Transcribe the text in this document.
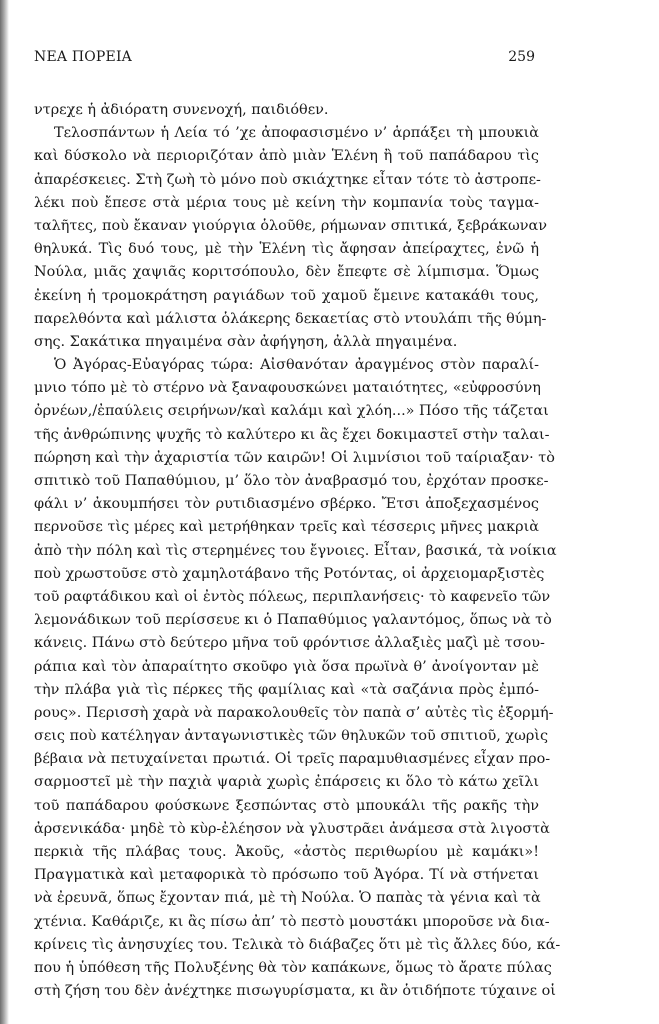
ΝΕΑ ΠΟΡΕΙΑ	259
ντρεχε ἡ ἀδιόρατη συνενοχή, παιδιόθεν.
Τελοσπάντων ἡ Λεία τό ’χε ἀποφασισμένο ν’ ἁρπάξει τὴ μπουκιὰ
καὶ δύσκολο νὰ περιοριζόταν ἀπὸ μιὰν Ἑλένη ἢ τοῦ παπάδαρου τὶς
ἀπαρέσκειες. Στὴ ζωὴ τὸ μόνο ποὺ σκιάχτηκε εἶταν τότε τὸ ἀστροπε-
λέκι ποὺ ἔπεσε στὰ μέρια τους μὲ κείνη τὴν κομπανία τοὺς ταγμα-
ταλῆτες, ποὺ ἔκαναν γιούργια ὁλοῦθε, ρήμωναν σπιτικά, ξεβράκωναν
θηλυκά. Τὶς δυό τους, μὲ τὴν Ἑλένη τὶς ἄφησαν ἀπείραχτες, ἐνῶ ἡ
Νούλα, μιᾶς χαψιᾶς κοριτσόπουλο, δὲν ἔπεφτε σὲ λίμπισμα. Ὅμως
ἐκείνη ἡ τρομοκράτηση ραγιάδων τοῦ χαμοῦ ἔμεινε κατακάθι τους,
παρελθόντα καὶ μάλιστα ὁλάκερης δεκαετίας στὸ ντουλάπι τῆς θύμη-
σης. Σακάτικα πηγαιμένα σὰν ἀφήγηση, ἀλλὰ πηγαιμένα.
Ὁ Ἀγόρας-Εὐαγόρας τώρα: Αἰσθανόταν ἀραγμένος στὸν παραλί-
μνιο τόπο μὲ τὸ στέρνο νὰ ξαναφουσκώνει ματαιότητες, «εὐφροσύνη
ὀρνέων,/ἐπαύλεις σειρήνων/καὶ καλάμι καὶ χλόη...» Πόσο τῆς τάζεται
τῆς ἀνθρώπινης ψυχῆς τὸ καλύτερο κι ἂς ἔχει δοκιμαστεῖ στὴν ταλαι-
πώρηση καὶ τὴν ἀχαριστία τῶν καιρῶν! Οἱ λιμνίσιοι τοῦ ταίριαξαν· τὸ
σπιτικὸ τοῦ Παπαθύμιου, μ’ ὅλο τὸν ἀναβρασμό του, ἐρχόταν προσκε-
φάλι ν’ ἀκουμπήσει τὸν ρυτιδιασμένο σβέρκο. Ἔτσι ἀποξεχασμένος
περνοῦσε τὶς μέρες καὶ μετρήθηκαν τρεῖς καὶ τέσσερις μῆνες μακριὰ
ἀπὸ τὴν πόλη καὶ τὶς στερημένες του ἔγνοιες. Εἶταν, βασικά, τὰ νοίκια
ποὺ χρωστοῦσε στὸ χαμηλοτάβανο τῆς Ροτόντας, οἱ ἀρχειομαρξιστὲς
τοῦ ραφτάδικου καὶ οἱ ἐντὸς πόλεως, περιπλανήσεις· τὸ καφενεῖο τῶν
λεμονάδικων τοῦ περίσσευε κι ὁ Παπαθύμιος γαλαντόμος, ὅπως νὰ τὸ
κάνεις. Πάνω στὸ δεύτερο μῆνα τοῦ φρόντισε ἀλλαξιὲς μαζὶ μὲ τσου-
ράπια καὶ τὸν ἀπαραίτητο σκοῦφο γιὰ ὅσα πρωϊνὰ θ’ ἀνοίγονταν μὲ
τὴν πλάβα γιὰ τὶς πέρκες τῆς φαμίλιας καὶ «τὰ σαζάνια πρὸς ἐμπό-
ρους». Περισσὴ χαρὰ νὰ παρακολουθεῖς τὸν παπὰ σ’ αὐτὲς τὶς ἐξορμή-
σεις ποὺ κατέληγαν ἀνταγωνιστικὲς τῶν θηλυκῶν τοῦ σπιτιοῦ, χωρὶς
βέβαια νὰ πετυχαίνεται πρωτιά. Οἱ τρεῖς παραμυθιασμένες εἶχαν προ-
σαρμοστεῖ μὲ τὴν παχιὰ ψαριὰ χωρὶς ἐπάρσεις κι ὅλο τὸ κάτω χεῖλι
τοῦ παπάδαρου φούσκωνε ξεσπώντας στὸ μπουκάλι τῆς ρακῆς τὴν
ἀρσενικάδα· μηδὲ τὸ κὺρ-ἐλέησον νὰ γλυστρᾶει ἀνάμεσα στὰ λιγοστὰ
περκιὰ τῆς πλάβας τους. Ἀκοῦς, «ἀστὸς περιθωρίου μὲ καμάκι»!
Πραγματικὰ καὶ μεταφορικὰ τὸ πρόσωπο τοῦ Ἀγόρα. Τί νὰ στήνεται
νὰ ἐρευνᾶ, ὅπως ἔχονταν πιά, μὲ τὴ Νούλα. Ὁ παπὰς τὰ γένια καὶ τὰ
χτένια. Καθάριζε, κι ἂς πίσω ἀπ’ τὸ πεστὸ μουστάκι μποροῦσε νὰ δια-
κρίνεις τὶς ἀνησυχίες του. Τελικὰ τὸ διάβαζες ὅτι μὲ τὶς ἄλλες δύο, κά-
που ἡ ὑπόθεση τῆς Πολυξένης θὰ τὸν καπάκωνε, ὅμως τὸ ἄρατε πύλας
στὴ ζήση του δὲν ἀνέχτηκε πισωγυρίσματα, κι ἂν ὁτιδήποτε τύχαινε οἱ
